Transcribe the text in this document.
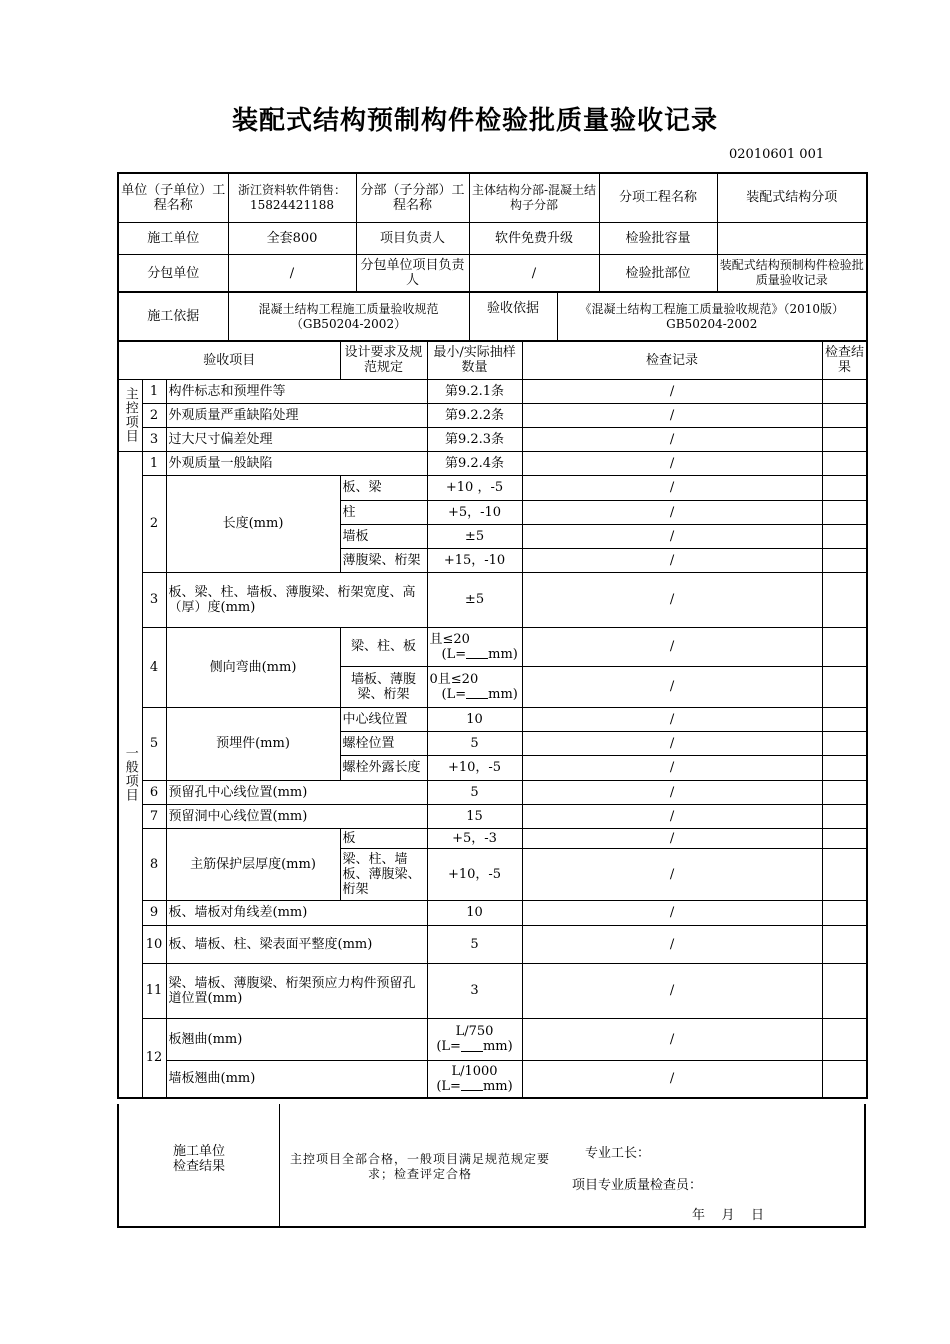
装配式结构预制构件检验批质量验收记录
02010601 001
单位（子单位）工程名称	浙江资料软件销售：15824421188	分部（子分部）工程名称	主体结构分部-混凝土结构子分部	分项工程名称	装配式结构分项
施工单位	全套800	项目负责人	软件免费升级	检验批容量	
分包单位	/	分包单位项目负责人	/	检验批部位	装配式结构预制构件检验批质量验收记录
施工依据	混凝土结构工程施工质量验收规范（GB50204-2002）	验收依据	《混凝土结构工程施工质量验收规范》（2010版）GB50204-2002
验收项目			设计要求及规范规定	最小/实际抽样数量	检查记录	检查结果	
主控项目	1	构件标志和预埋件等		第9.2.1条	/		
	2	外观质量严重缺陷处理		第9.2.2条	/		
	3	过大尺寸偏差处理		第9.2.3条	/		
一般项目	1	外观质量一般缺陷		第9.2.4条	/		
	2	长度(mm)	板、梁	+10 ，-5	/		
			柱	+5，-10	/		
			墙板	±5	/		
			薄腹梁、桁架	+15，-10	/		
	3	板、梁、柱、墙板、薄腹梁、桁架宽度、高（厚）度(mm)		±5	/		
	4	侧向弯曲(mm)	梁、柱、板	且≤20
(L= mm)	/		
			墙板、薄腹梁、桁架	0且≤20
(L= mm)	/		
	5	预埋件(mm)	中心线位置	10	/		
			螺栓位置	5	/		
			螺栓外露长度	+10，-5	/		
	6	预留孔中心线位置(mm)		5	/		
	7	预留洞中心线位置(mm)		15	/		
	8	主筋保护层厚度(mm)	板	+5，-3	/		
			梁、柱、墙板、薄腹梁、桁架	+10，-5	/		
	9	板、墙板对角线差(mm)		10	/		
	10	板、墙板、柱、梁表面平整度(mm)		5	/		
	11	梁、墙板、薄腹梁、桁架预应力构件预留孔道位置(mm)		3	/		
	12	板翘曲(mm)		L/750
(L= mm)	/		
		墙板翘曲(mm)		L/1000
(L= mm)	/		
施工单位检查结果	主控项目全部合格，一般项目满足规范规定要求；检查评定合格
专业工长：
项目专业质量检查员：
年    月    日
